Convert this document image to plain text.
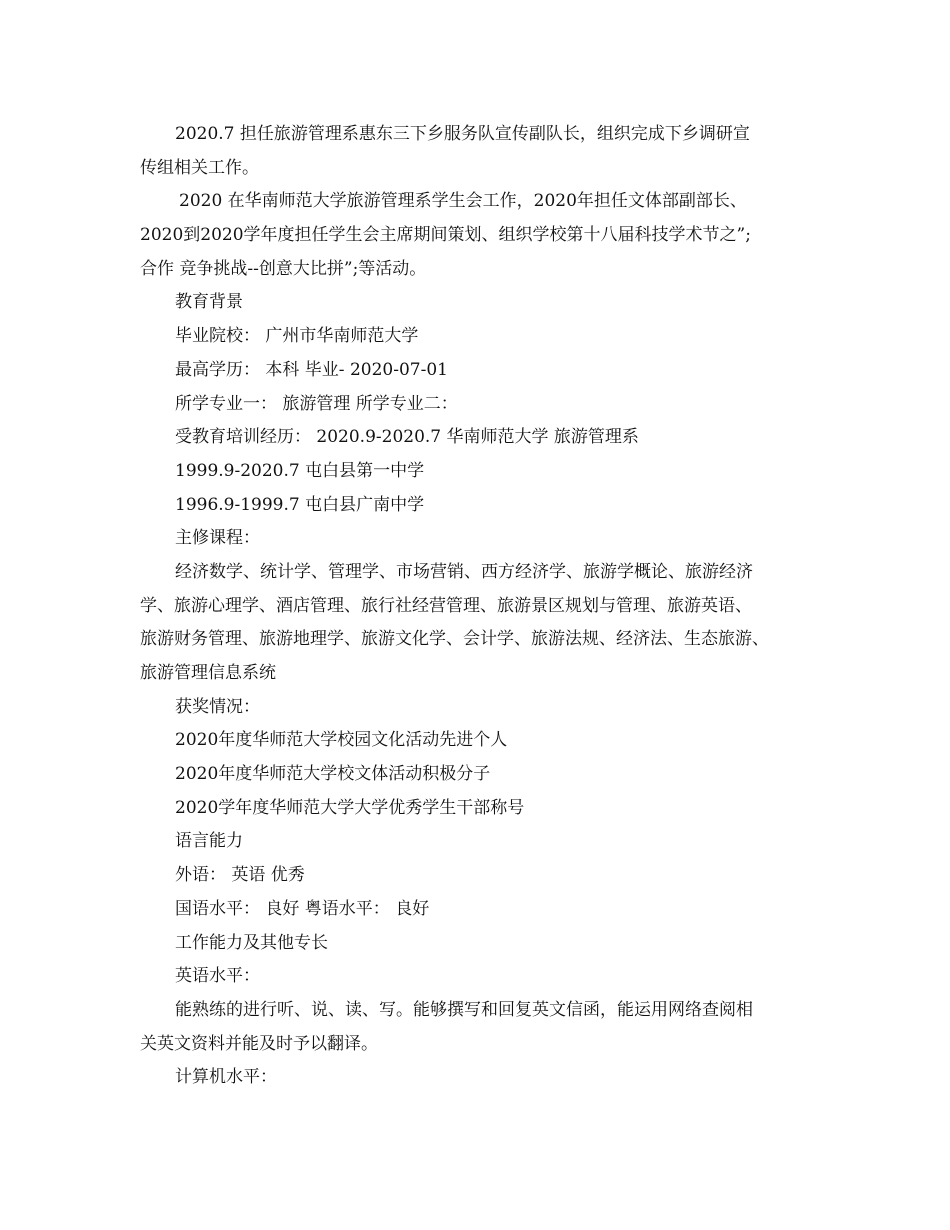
2020.7 担任旅游管理系惠东三下乡服务队宣传副队长，组织完成下乡调研宣
传组相关工作。
2020 在华南师范大学旅游管理系学生会工作，2020年担任文体部副部长、
2020到2020学年度担任学生会主席期间策划、组织学校第十八届科技学术节之”;
合作 竞争挑战--创意大比拼”;等活动。
教育背景
毕业院校： 广州市华南师范大学
最高学历： 本科 毕业- 2020-07-01
所学专业一： 旅游管理 所学专业二：
受教育培训经历： 2020.9-2020.7 华南师范大学 旅游管理系
1999.9-2020.7 屯白县第一中学
1996.9-1999.7 屯白县广南中学
主修课程：
经济数学、统计学、管理学、市场营销、西方经济学、旅游学概论、旅游经济
学、旅游心理学、酒店管理、旅行社经营管理、旅游景区规划与管理、旅游英语、
旅游财务管理、旅游地理学、旅游文化学、会计学、旅游法规、经济法、生态旅游、
旅游管理信息系统
获奖情况：
2020年度华师范大学校园文化活动先进个人
2020年度华师范大学校文体活动积极分子
2020学年度华师范大学大学优秀学生干部称号
语言能力
外语： 英语 优秀
国语水平： 良好 粤语水平： 良好
工作能力及其他专长
英语水平：
能熟练的进行听、说、读、写。能够撰写和回复英文信函，能运用网络查阅相
关英文资料并能及时予以翻译。
计算机水平：
